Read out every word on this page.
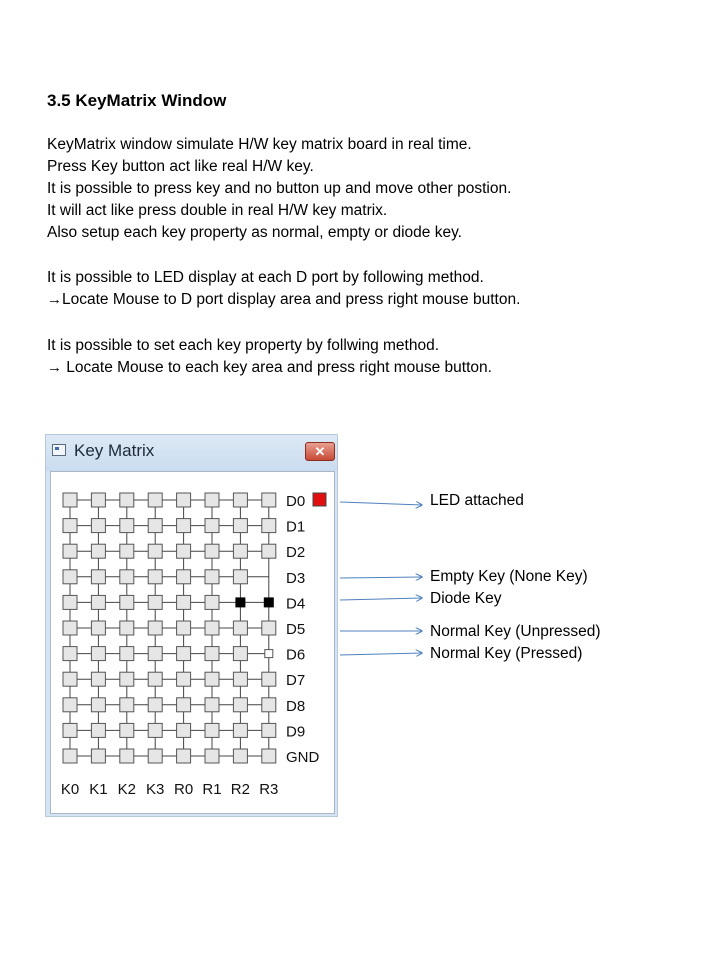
3.5 KeyMatrix Window
KeyMatrix window simulate H/W key matrix board in real time.
Press Key button act like real H/W key.
It is possible to press key and no button up and move other postion.
It will act like press double in real H/W key matrix.
Also setup each key property as normal, empty or diode key.
It is possible to LED display at each D port by following method.
→Locate Mouse to D port display area and press right mouse button.
It is possible to set each key property by follwing method.
→ Locate Mouse to each key area and press right mouse button.
Key Matrix	✕
D0
D1
D2
D3
D4
D5
D6
D7
D8
D9
GND
K0 K1 K2 K3 R0 R1 R2 R3
LED attached
Empty Key (None Key)
Diode Key
Normal Key (Unpressed)
Normal Key (Pressed)
